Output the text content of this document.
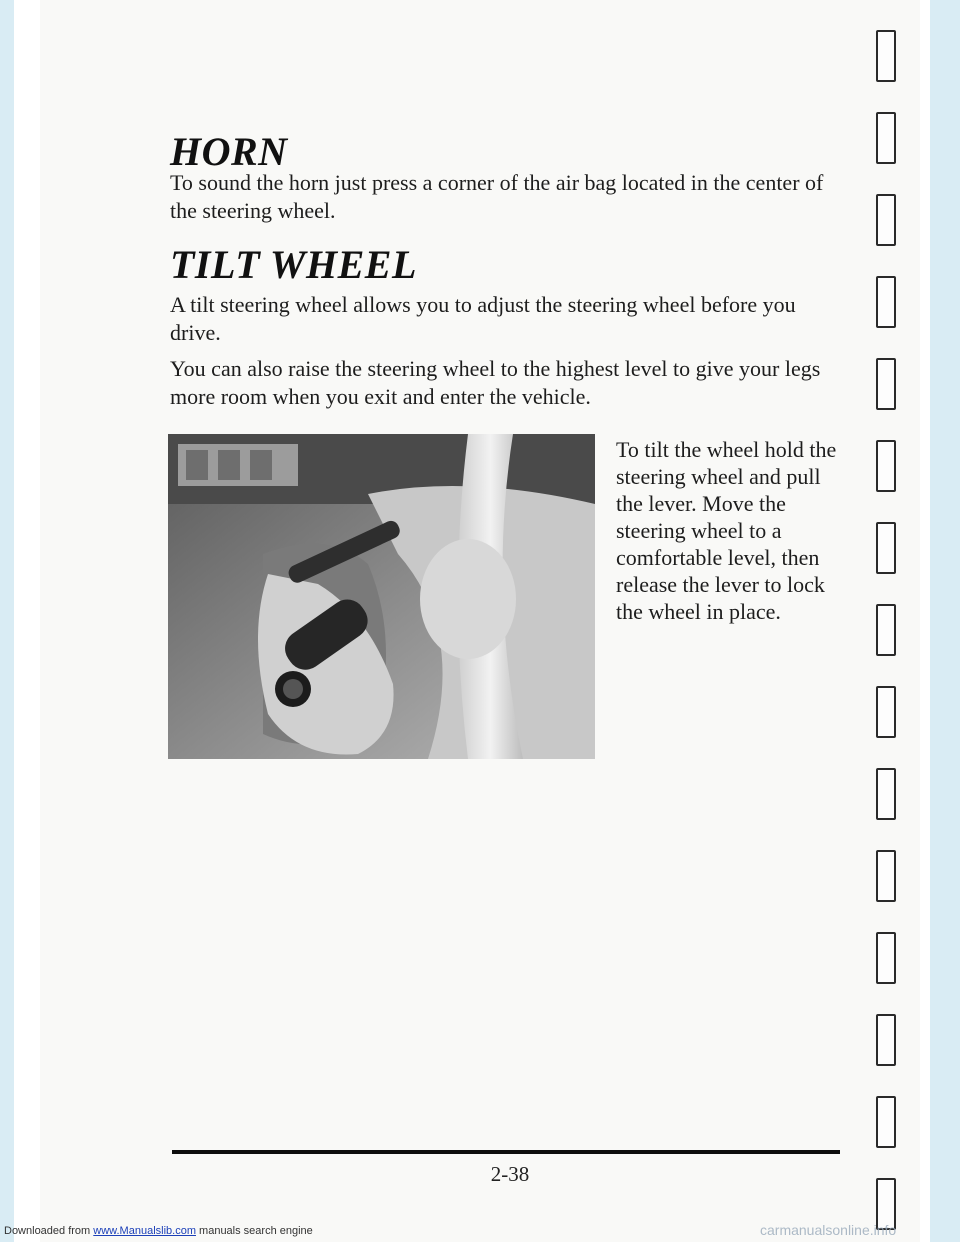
HORN

To sound the horn just press a corner of the air bag located in the center of the steering wheel.

TILT WHEEL

A tilt steering wheel allows you to adjust the steering wheel before you drive.

You can also raise the steering wheel to the highest level to give your legs more room when you exit and enter the vehicle.

To tilt the wheel hold the steering wheel and pull the lever. Move the steering wheel to a comfortable level, then release the lever to lock the wheel in place.

2-38

Downloaded from www.Manualslib.com manuals search engine	carmanualsonline.info
